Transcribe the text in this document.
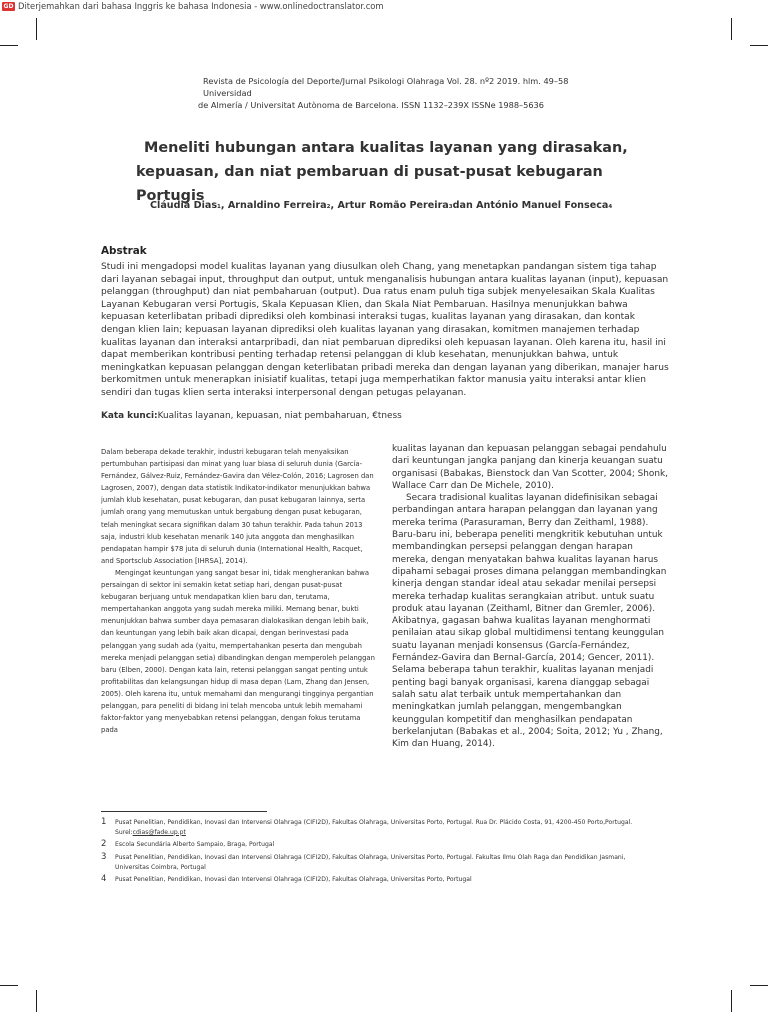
GD Diterjemahkan dari bahasa Inggris ke bahasa Indonesia - www.onlinedoctranslator.com
Revista de Psicología del Deporte/Jurnal Psikologi Olahraga Vol. 28. nº2 2019. hlm. 49–58 Universidad
de Almería / Universitat Autònoma de Barcelona. ISSN 1132–239X ISSNe 1988–5636
Meneliti hubungan antara kualitas layanan yang dirasakan,
kepuasan, dan niat pembaruan di pusat-pusat kebugaran Portugis
Cláudia Dias1, Arnaldino Ferreira2, Artur Romão Pereira3dan António Manuel Fonseca4
Abstrak
Studi ini mengadopsi model kualitas layanan yang diusulkan oleh Chang, yang menetapkan pandangan sistem tiga tahap dari layanan sebagai input, throughput dan output, untuk menganalisis hubungan antara kualitas layanan (input), kepuasan pelanggan (throughput) dan niat pembaharuan (output). Dua ratus enam puluh tiga subjek menyelesaikan Skala Kualitas Layanan Kebugaran versi Portugis, Skala Kepuasan Klien, dan Skala Niat Pembaruan. Hasilnya menunjukkan bahwa kepuasan keterlibatan pribadi diprediksi oleh kombinasi interaksi tugas, kualitas layanan yang dirasakan, dan kontak dengan klien lain; kepuasan layanan diprediksi oleh kualitas layanan yang dirasakan, komitmen manajemen terhadap kualitas layanan dan interaksi antarpribadi, dan niat pembaruan diprediksi oleh kepuasan layanan. Oleh karena itu, hasil ini dapat memberikan kontribusi penting terhadap retensi pelanggan di klub kesehatan, menunjukkan bahwa, untuk meningkatkan kepuasan pelanggan dengan keterlibatan pribadi mereka dan dengan layanan yang diberikan, manajer harus berkomitmen untuk menerapkan inisiatif kualitas, tetapi juga memperhatikan faktor manusia yaitu interaksi antar klien sendiri dan tugas klien serta interaksi interpersonal dengan petugas pelayanan.
Kata kunci:Kualitas layanan, kepuasan, niat pembaharuan, €tness

Dalam beberapa dekade terakhir, industri kebugaran telah menyaksikan pertumbuhan partisipasi dan minat yang luar biasa di seluruh dunia (García-Fernández, Gálvez-Ruiz, Fernández-Gavira dan Vélez-Colón, 2016; Lagrosen dan Lagrosen, 2007), dengan data statistik Indikator-indikator menunjukkan bahwa jumlah klub kesehatan, pusat kebugaran, dan pusat kebugaran lainnya, serta jumlah orang yang memutuskan untuk bergabung dengan pusat kebugaran, telah meningkat secara signifikan dalam 30 tahun terakhir. Pada tahun 2013 saja, industri klub kesehatan menarik 140 juta anggota dan menghasilkan pendapatan hampir $78 juta di seluruh dunia (International Health, Racquet, and Sportsclub Association [IHRSA], 2014).

Mengingat keuntungan yang sangat besar ini, tidak mengherankan bahwa persaingan di sektor ini semakin ketat setiap hari, dengan pusat-pusat kebugaran berjuang untuk mendapatkan klien baru dan, terutama, mempertahankan anggota yang sudah mereka miliki. Memang benar, bukti menunjukkan bahwa sumber daya pemasaran dialokasikan dengan lebih baik, dan keuntungan yang lebih baik akan dicapai, dengan berinvestasi pada pelanggan yang sudah ada (yaitu, mempertahankan peserta dan mengubah mereka menjadi pelanggan setia) dibandingkan dengan memperoleh pelanggan baru (Elben, 2000). Dengan kata lain, retensi pelanggan sangat penting untuk profitabilitas dan kelangsungan hidup di masa depan (Lam, Zhang dan Jensen, 2005). Oleh karena itu, untuk memahami dan mengurangi tingginya pergantian pelanggan, para peneliti di bidang ini telah mencoba untuk lebih memahami faktor-faktor yang menyebabkan retensi pelanggan, dengan fokus terutama pada

kualitas layanan dan kepuasan pelanggan sebagai pendahulu dari keuntungan jangka panjang dan kinerja keuangan suatu organisasi (Babakas, Bienstock dan Van Scotter, 2004; Shonk, Wallace Carr dan De Michele, 2010).

Secara tradisional kualitas layanan didefinisikan sebagai perbandingan antara harapan pelanggan dan layanan yang mereka terima (Parasuraman, Berry dan Zeithaml, 1988). Baru-baru ini, beberapa peneliti mengkritik kebutuhan untuk membandingkan persepsi pelanggan dengan harapan mereka, dengan menyatakan bahwa kualitas layanan harus dipahami sebagai proses dimana pelanggan membandingkan kinerja dengan standar ideal atau sekadar menilai persepsi mereka terhadap kualitas serangkaian atribut. untuk suatu produk atau layanan (Zeithaml, Bitner dan Gremler, 2006). Akibatnya, gagasan bahwa kualitas layanan menghormati penilaian atau sikap global multidimensi tentang keunggulan suatu layanan menjadi konsensus (García-Fernández, Fernández-Gavira dan Bernal-García, 2014; Gencer, 2011). Selama beberapa tahun terakhir, kualitas layanan menjadi penting bagi banyak organisasi, karena dianggap sebagai salah satu alat terbaik untuk mempertahankan dan meningkatkan jumlah pelanggan, mengembangkan keunggulan kompetitif dan menghasilkan pendapatan berkelanjutan (Babakas et al., 2004; Soita, 2012; Yu , Zhang, Kim dan Huang, 2014).

1	Pusat Penelitian, Pendidikan, Inovasi dan Intervensi Olahraga (CIFI2D), Fakultas Olahraga, Universitas Porto, Portugal. Rua Dr. Plácido Costa, 91, 4200-450 Porto,Portugal. Surel:cdias@fade.up.pt
2	Escola Secundária Alberto Sampaio, Braga, Portugal
3	Pusat Penelitian, Pendidikan, Inovasi dan Intervensi Olahraga (CIFI2D), Fakultas Olahraga, Universitas Porto, Portugal. Fakultas Ilmu Olah Raga dan Pendidikan Jasmani, Universitas Coimbra, Portugal
4	Pusat Penelitian, Pendidikan, Inovasi dan Intervensi Olahraga (CIFI2D), Fakultas Olahraga, Universitas Porto, Portugal
